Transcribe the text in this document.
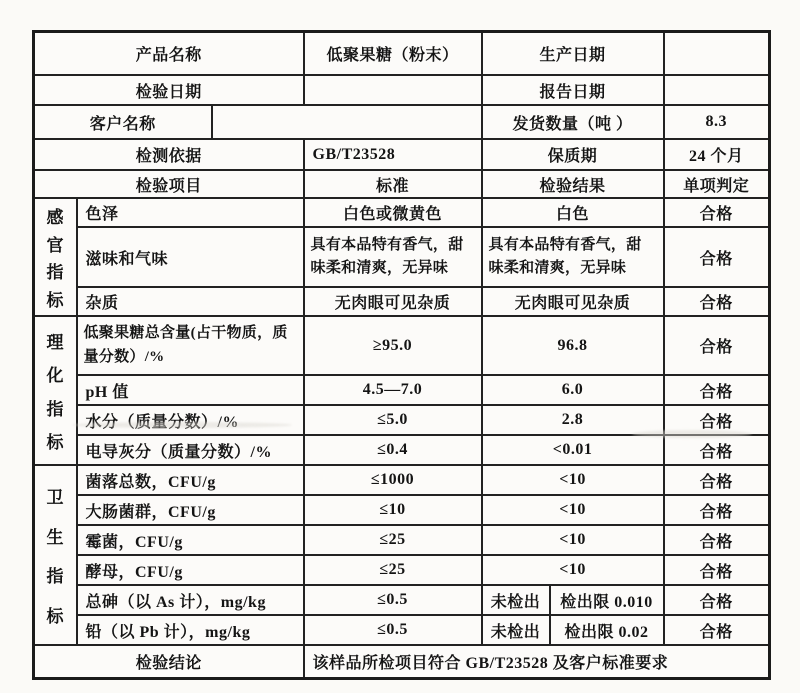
产品名称			低聚果糖（粉末）	生产日期		
检验日期				报告日期		
客户名称				发货数量（吨 ）		8.3
检测依据			GB/T23528	保质期		24 个月
检验项目			标准	检验结果		单项判定

感
官
指
标	色泽		白色或微黄色	白色		合格
	滋味和气味		具有本品特有香气，甜味柔和清爽，无异味	具有本品特有香气，甜味柔和清爽，无异味		合格
	杂质		无肉眼可见杂质	无肉眼可见杂质		合格

理
化
指
标	低聚果糖总含量(占干物质，质量分数）/%		≥95.0	96.8		合格
	pH 值		4.5—7.0	6.0		合格
	水分（质量分数）/%		≤5.0	2.8		合格
	电导灰分（质量分数）/%		≤0.4	<0.01		合格

卫
生
指
标	菌落总数，CFU/g		≤1000	<10		合格
	大肠菌群，CFU/g		≤10	<10		合格
	霉菌，CFU/g		≤25	<10		合格
	酵母，CFU/g		≤25	<10		合格
	总砷（以 As 计），mg/kg		≤0.5	未检出	检出限 0.010	合格
	铅（以 Pb 计），mg/kg		≤0.5	未检出	检出限 0.02	合格
检验结论			该样品所检项目符合 GB/T23528 及客户标准要求			
